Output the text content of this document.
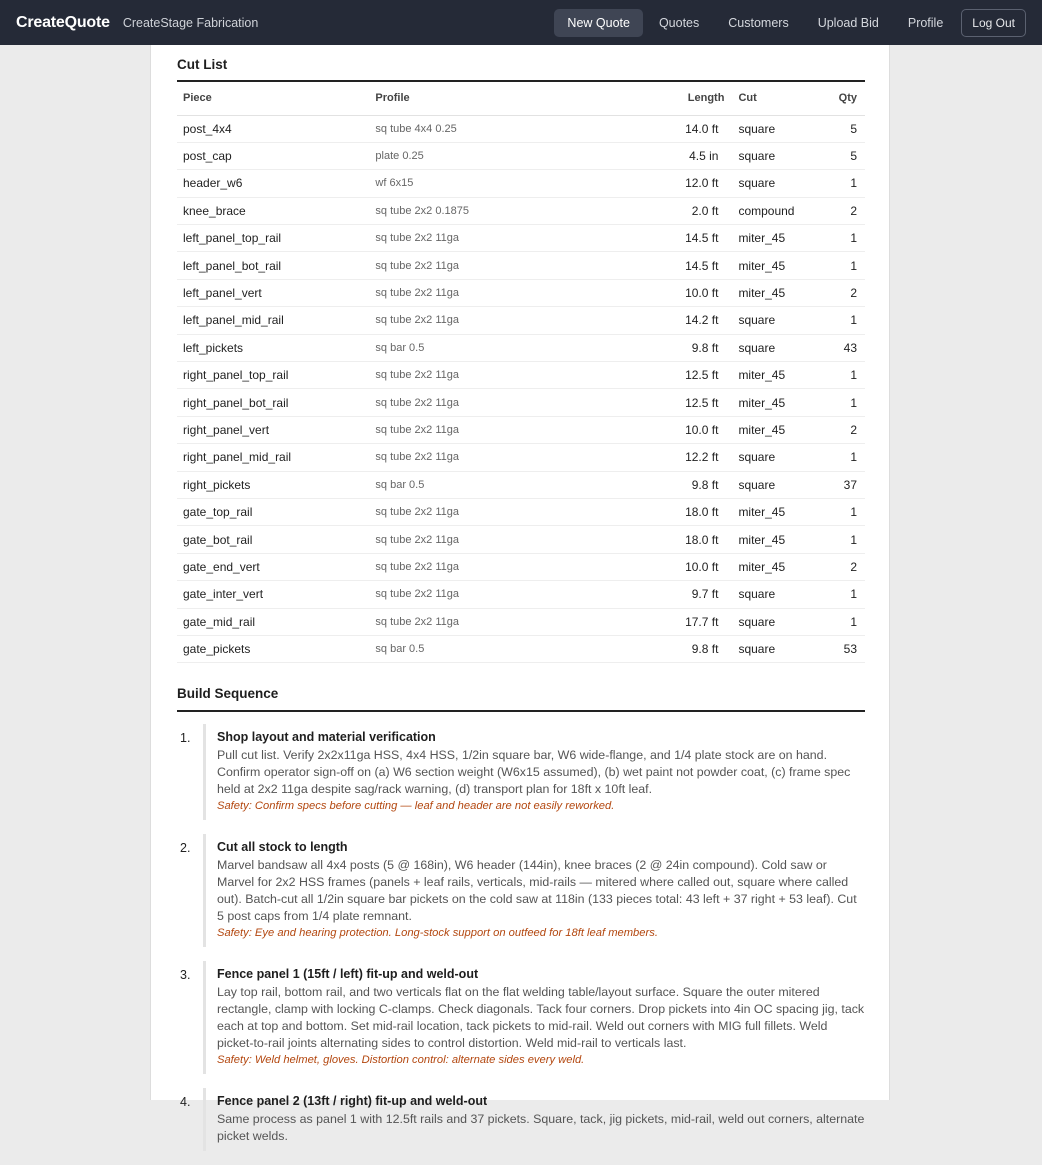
CreateQuote CreateStage Fabrication	New Quote	Quotes	Customers	Upload Bid	Profile	Log Out
Cut List
Piece	Profile	Length	Cut	Qty
post_4x4	sq tube 4x4 0.25	14.0 ft	square	5
post_cap	plate 0.25	4.5 in	square	5
header_w6	wf 6x15	12.0 ft	square	1
knee_brace	sq tube 2x2 0.1875	2.0 ft	compound	2
left_panel_top_rail	sq tube 2x2 11ga	14.5 ft	miter_45	1
left_panel_bot_rail	sq tube 2x2 11ga	14.5 ft	miter_45	1
left_panel_vert	sq tube 2x2 11ga	10.0 ft	miter_45	2
left_panel_mid_rail	sq tube 2x2 11ga	14.2 ft	square	1
left_pickets	sq bar 0.5	9.8 ft	square	43
right_panel_top_rail	sq tube 2x2 11ga	12.5 ft	miter_45	1
right_panel_bot_rail	sq tube 2x2 11ga	12.5 ft	miter_45	1
right_panel_vert	sq tube 2x2 11ga	10.0 ft	miter_45	2
right_panel_mid_rail	sq tube 2x2 11ga	12.2 ft	square	1
right_pickets	sq bar 0.5	9.8 ft	square	37
gate_top_rail	sq tube 2x2 11ga	18.0 ft	miter_45	1
gate_bot_rail	sq tube 2x2 11ga	18.0 ft	miter_45	1
gate_end_vert	sq tube 2x2 11ga	10.0 ft	miter_45	2
gate_inter_vert	sq tube 2x2 11ga	9.7 ft	square	1
gate_mid_rail	sq tube 2x2 11ga	17.7 ft	square	1
gate_pickets	sq bar 0.5	9.8 ft	square	53
Build Sequence
1.	Shop layout and material verification
Pull cut list. Verify 2x2x11ga HSS, 4x4 HSS, 1/2in square bar, W6 wide-flange, and 1/4 plate stock are on hand. Confirm operator sign-off on (a) W6 section weight (W6x15 assumed), (b) wet paint not powder coat, (c) frame spec held at 2x2 11ga despite sag/rack warning, (d) transport plan for 18ft x 10ft leaf.
Safety: Confirm specs before cutting — leaf and header are not easily reworked.
2.	Cut all stock to length
Marvel bandsaw all 4x4 posts (5 @ 168in), W6 header (144in), knee braces (2 @ 24in compound). Cold saw or Marvel for 2x2 HSS frames (panels + leaf rails, verticals, mid-rails — mitered where called out, square where called out). Batch-cut all 1/2in square bar pickets on the cold saw at 118in (133 pieces total: 43 left + 37 right + 53 leaf). Cut 5 post caps from 1/4 plate remnant.
Safety: Eye and hearing protection. Long-stock support on outfeed for 18ft leaf members.
3.	Fence panel 1 (15ft / left) fit-up and weld-out
Lay top rail, bottom rail, and two verticals flat on the flat welding table/layout surface. Square the outer mitered rectangle, clamp with locking C-clamps. Check diagonals. Tack four corners. Drop pickets into 4in OC spacing jig, tack each at top and bottom. Set mid-rail location, tack pickets to mid-rail. Weld out corners with MIG full fillets. Weld picket-to-rail joints alternating sides to control distortion. Weld mid-rail to verticals last.
Safety: Weld helmet, gloves. Distortion control: alternate sides every weld.
4.	Fence panel 2 (13ft / right) fit-up and weld-out
Same process as panel 1 with 12.5ft rails and 37 pickets. Square, tack, jig pickets, mid-rail, weld out corners, alternate picket welds.
